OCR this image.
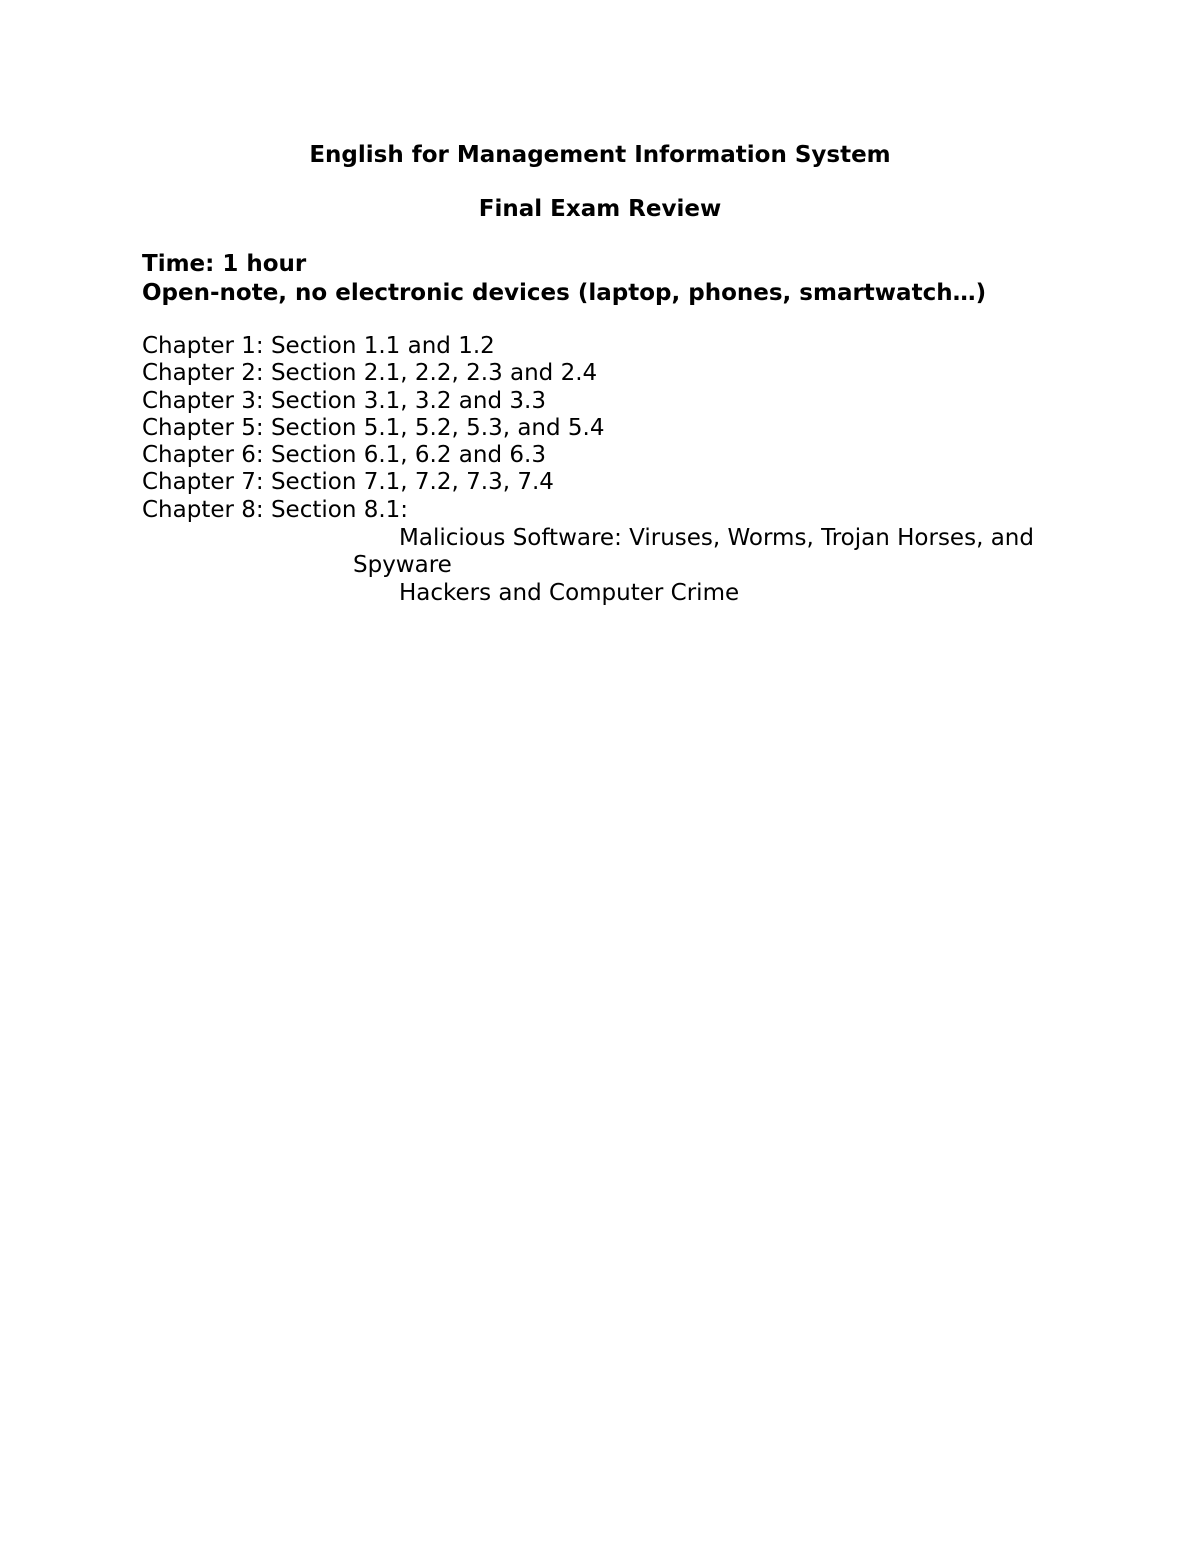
English for Management Information System
Final Exam Review

Time: 1 hour

Open-note, no electronic devices (laptop, phones, smartwatch…)

Chapter 1: Section 1.1 and 1.2
Chapter 2: Section 2.1, 2.2, 2.3 and 2.4
Chapter 3: Section 3.1, 3.2 and 3.3
Chapter 5: Section 5.1, 5.2, 5.3, and 5.4
Chapter 6: Section 6.1, 6.2 and 6.3
Chapter 7: Section 7.1, 7.2, 7.3, 7.4
Chapter 8: Section 8.1:

Malicious Software: Viruses, Worms, Trojan Horses, and

Spyware

Hackers and Computer Crime
